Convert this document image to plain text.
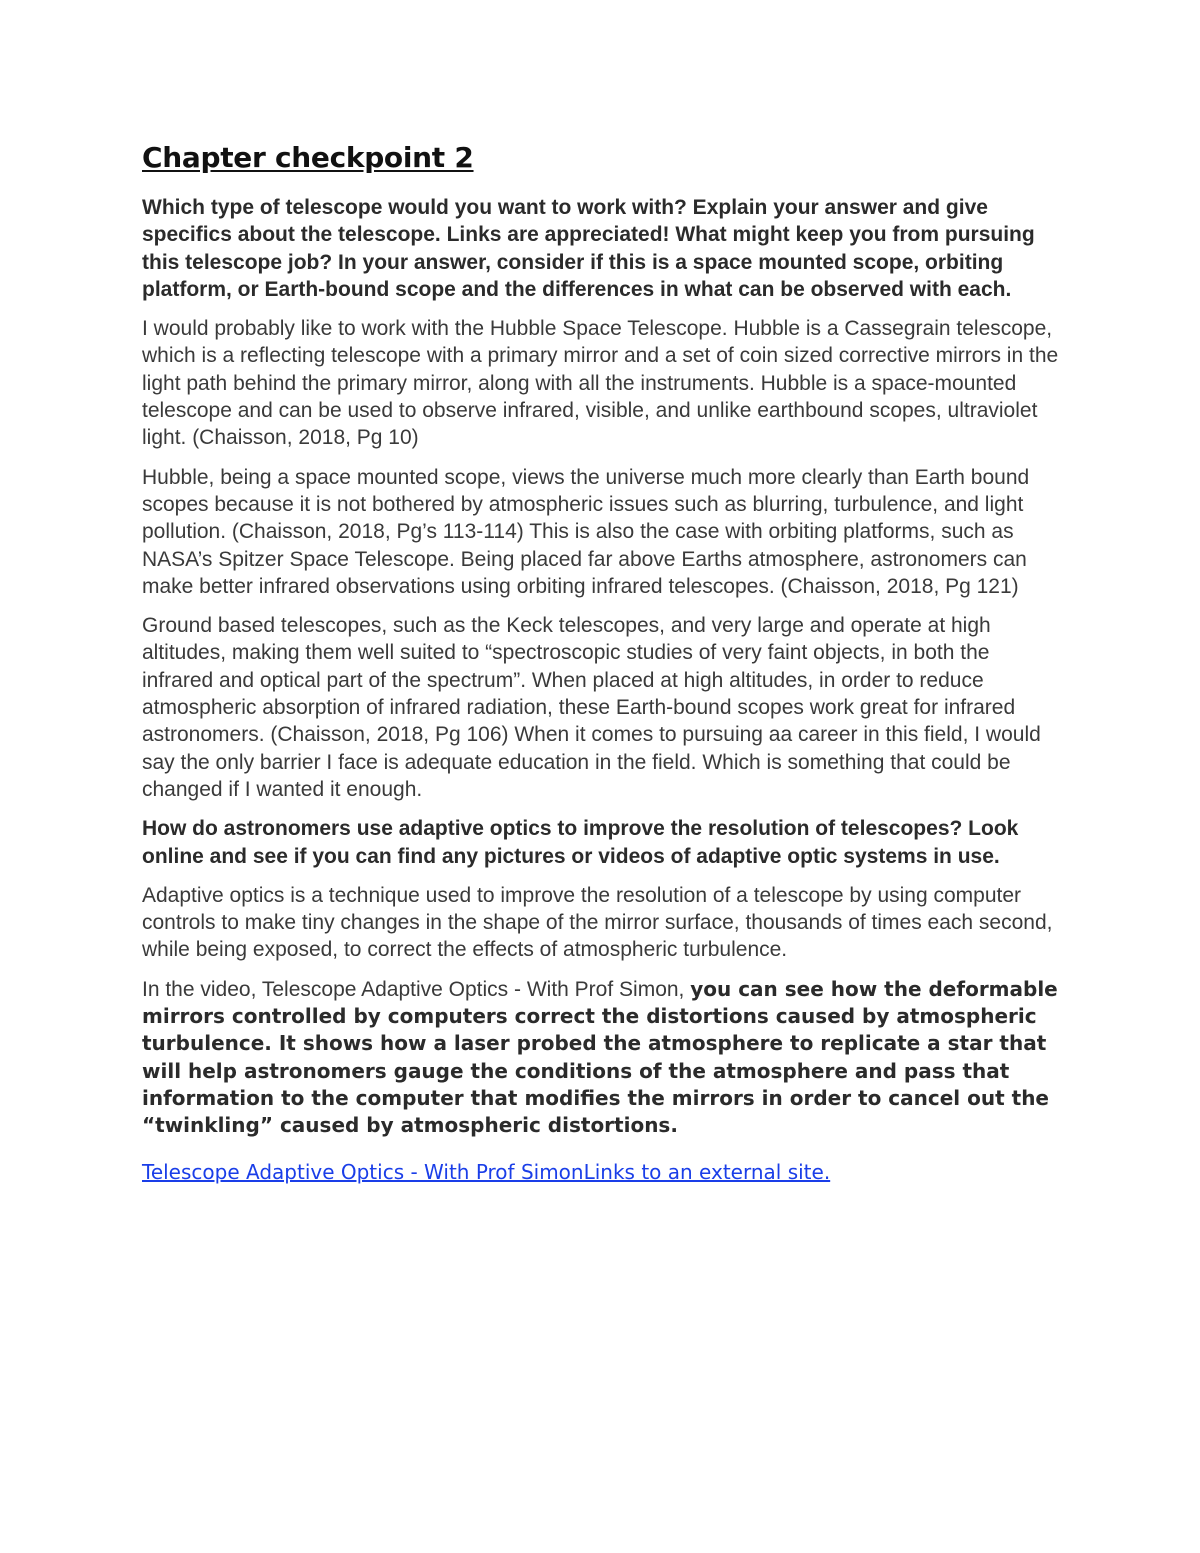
Chapter checkpoint 2

Which type of telescope would you want to work with? Explain your answer and give specifics about the telescope. Links are appreciated! What might keep you from pursuing this telescope job? In your answer, consider if this is a space mounted scope, orbiting platform, or Earth-bound scope and the differences in what can be observed with each.

I would probably like to work with the Hubble Space Telescope. Hubble is a Cassegrain telescope, which is a reflecting telescope with a primary mirror and a set of coin sized corrective mirrors in the light path behind the primary mirror, along with all the instruments. Hubble is a space-mounted telescope and can be used to observe infrared, visible, and unlike earthbound scopes, ultraviolet light. (Chaisson, 2018, Pg 10)

Hubble, being a space mounted scope, views the universe much more clearly than Earth bound scopes because it is not bothered by atmospheric issues such as blurring, turbulence, and light pollution. (Chaisson, 2018, Pg’s 113-114) This is also the case with orbiting platforms, such as NASA’s Spitzer Space Telescope. Being placed far above Earths atmosphere, astronomers can make better infrared observations using orbiting infrared telescopes. (Chaisson, 2018, Pg 121)

Ground based telescopes, such as the Keck telescopes, and very large and operate at high altitudes, making them well suited to “spectroscopic studies of very faint objects, in both the infrared and optical part of the spectrum”. When placed at high altitudes, in order to reduce atmospheric absorption of infrared radiation, these Earth-bound scopes work great for infrared astronomers. (Chaisson, 2018, Pg 106) When it comes to pursuing aa career in this field, I would say the only barrier I face is adequate education in the field. Which is something that could be changed if I wanted it enough.

How do astronomers use adaptive optics to improve the resolution of telescopes? Look online and see if you can find any pictures or videos of adaptive optic systems in use.

Adaptive optics is a technique used to improve the resolution of a telescope by using computer controls to make tiny changes in the shape of the mirror surface, thousands of times each second, while being exposed, to correct the effects of atmospheric turbulence.

In the video, Telescope Adaptive Optics - With Prof Simon, you can see how the deformable mirrors controlled by computers correct the distortions caused by atmospheric turbulence. It shows how a laser probed the atmosphere to replicate a star that will help astronomers gauge the conditions of the atmosphere and pass that information to the computer that modifies the mirrors in order to cancel out the “twinkling” caused by atmospheric distortions.

Telescope Adaptive Optics - With Prof SimonLinks to an external site.
